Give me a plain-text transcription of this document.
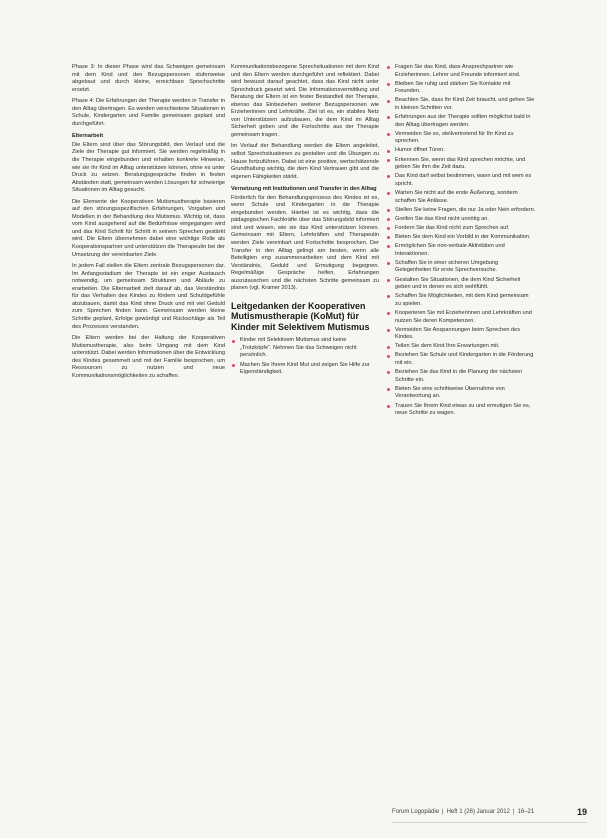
Phase 3: In dieser Phase wird das Schweigen gemeinsam mit dem Kind und den Bezugspersonen stufenweise abgebaut und durch kleine, erreichbare Sprechschritte ersetzt.

Phase 4: Die Erfahrungen der Therapie werden in Transfer in den Alltag übertragen. Es werden verschiedene Situationen in Schule, Kindergarten und Familie gemeinsam geplant und durchgeführt.

Elternarbeit

Die Eltern sind über das Störungsbild, den Verlauf und die Ziele der Therapie gut informiert. Sie werden regelmäßig in die Therapie eingebunden und erhalten konkrete Hinweise, wie sie ihr Kind im Alltag unterstützen können, ohne es unter Druck zu setzen. Beratungsgespräche finden in festen Abständen statt, gemeinsam werden Lösungen für schwierige Situationen im Alltag gesucht.

Die Elemente der Kooperativen Mutismustherapie basieren auf den störungsspezifischen Erfahrungen, Vorgaben und Modellen in der Behandlung des Mutismus. Wichtig ist, dass vom Kind ausgehend auf die Bedürfnisse eingegangen wird und das Kind Schritt für Schritt in seinem Sprechen gestärkt wird. Die Eltern übernehmen dabei eine wichtige Rolle als Kooperationspartner und unterstützen die Therapeutin bei der Umsetzung der vereinbarten Ziele.

In jedem Fall stellen die Eltern zentrale Bezugspersonen dar. Im Anfangsstadium der Therapie ist ein enger Austausch notwendig, um gemeinsam Strukturen und Abläufe zu erarbeiten. Die Elternarbeit zielt darauf ab, das Verständnis für das Verhalten des Kindes zu fördern und Schuldgefühle abzubauen, damit das Kind ohne Druck und mit viel Geduld zum Sprechen finden kann. Gemeinsam werden kleine Schritte geplant, Erfolge gewürdigt und Rückschläge als Teil des Prozesses verstanden.

Die Eltern werden bei der Haltung der Kooperativen Mutismustherapie, also beim Umgang mit dem Kind unterstützt. Dabei werden Informationen über die Entwicklung des Kindes gesammelt und mit der Familie besprochen, um Ressourcen zu nutzen und neue Kommunikationsmöglichkeiten zu schaffen.

Kommunikationsbezogene Sprechsituationen mit dem Kind und den Eltern werden durchgeführt und reflektiert. Dabei wird bewusst darauf geachtet, dass das Kind nicht unter Sprechdruck gesetzt wird. Die Informationsvermittlung und Beratung der Eltern ist ein fester Bestandteil der Therapie, ebenso das Einbeziehen weiterer Bezugspersonen wie Erzieherinnen und Lehrkräfte. Ziel ist es, ein stabiles Netz von Unterstützern aufzubauen, die dem Kind im Alltag Sicherheit geben und die Fortschritte aus der Therapie gemeinsam tragen.

Im Verlauf der Behandlung werden die Eltern angeleitet, selbst Sprechsituationen zu gestalten und die Übungen zu Hause fortzuführen. Dabei ist eine positive, wertschätzende Grundhaltung wichtig, die dem Kind Vertrauen gibt und die eigenen Fähigkeiten stärkt.

Vernetzung mit Institutionen und Transfer in den Alltag

Förderlich für den Behandlungsprozess des Kindes ist es, wenn Schule und Kindergarten in die Therapie eingebunden werden. Hierbei ist es wichtig, dass die pädagogischen Fachkräfte über das Störungsbild informiert sind und wissen, wie sie das Kind unterstützen können. Gemeinsam mit Eltern, Lehrkräften und Therapeutin werden Ziele vereinbart und Fortschritte besprochen. Der Transfer in den Alltag gelingt am besten, wenn alle Beteiligten eng zusammenarbeiten und dem Kind mit Verständnis, Geduld und Ermutigung begegnen. Regelmäßige Gespräche helfen, Erfahrungen auszutauschen und die nächsten Schritte gemeinsam zu planen (vgl. Kramer 2013).

Leitgedanken der Kooperativen Mutismustherapie (KoMut) für Kinder mit Selektivem Mutismus
Kinder mit Selektivem Mutismus sind keine „Trotzköpfe“. Nehmen Sie das Schweigen nicht persönlich.
Machen Sie Ihrem Kind Mut und zeigen Sie Hilfe zur Eigenständigkeit.
Fragen Sie das Kind, dass Ansprechpartner wie Erzieherinnen, Lehrer und Freunde informiert sind.
Bleiben Sie ruhig und stärken Sie Kontakte mit Freunden.
Beachten Sie, dass Ihr Kind Zeit braucht, und gehen Sie in kleinen Schritten vor.
Erfahrungen aus der Therapie sollten möglichst bald in den Alltag übertragen werden.
Vermeiden Sie es, stellvertretend für Ihr Kind zu sprechen.
Humor öffnet Türen.
Erkennen Sie, wenn das Kind sprechen möchte, und geben Sie ihm die Zeit dazu.
Das Kind darf selbst bestimmen, wann und mit wem es spricht.
Warten Sie nicht auf die erste Äußerung, sondern schaffen Sie Anlässe.
Stellen Sie keine Fragen, die nur Ja oder Nein erfordern.
Greifen Sie das Kind nicht unnötig an.
Fordern Sie das Kind nicht zum Sprechen auf.
Bieten Sie dem Kind ein Vorbild in der Kommunikation.
Ermöglichen Sie non-verbale Aktivitäten und Interaktionen.
Schaffen Sie in einer sicheren Umgebung Gelegenheiten für erste Sprechversuche.
Gestalten Sie Situationen, die dem Kind Sicherheit geben und in denen es sich wohlfühlt.
Schaffen Sie Möglichkeiten, mit dem Kind gemeinsam zu spielen.
Kooperieren Sie mit Erzieherinnen und Lehrkräften und nutzen Sie deren Kompetenzen.
Vermeiden Sie Anspannungen beim Sprechen des Kindes.
Teilen Sie dem Kind Ihre Erwartungen mit.
Beziehen Sie Schule und Kindergarten in die Förderung mit ein.
Beziehen Sie das Kind in die Planung der nächsten Schritte ein.
Bieten Sie eine schrittweise Übernahme von Verantwortung an.
Trauen Sie Ihrem Kind etwas zu und ermutigen Sie es, neue Schritte zu wagen.
Forum Logopädie | Heft 1 (26) Januar 2012 | 16–21	19
